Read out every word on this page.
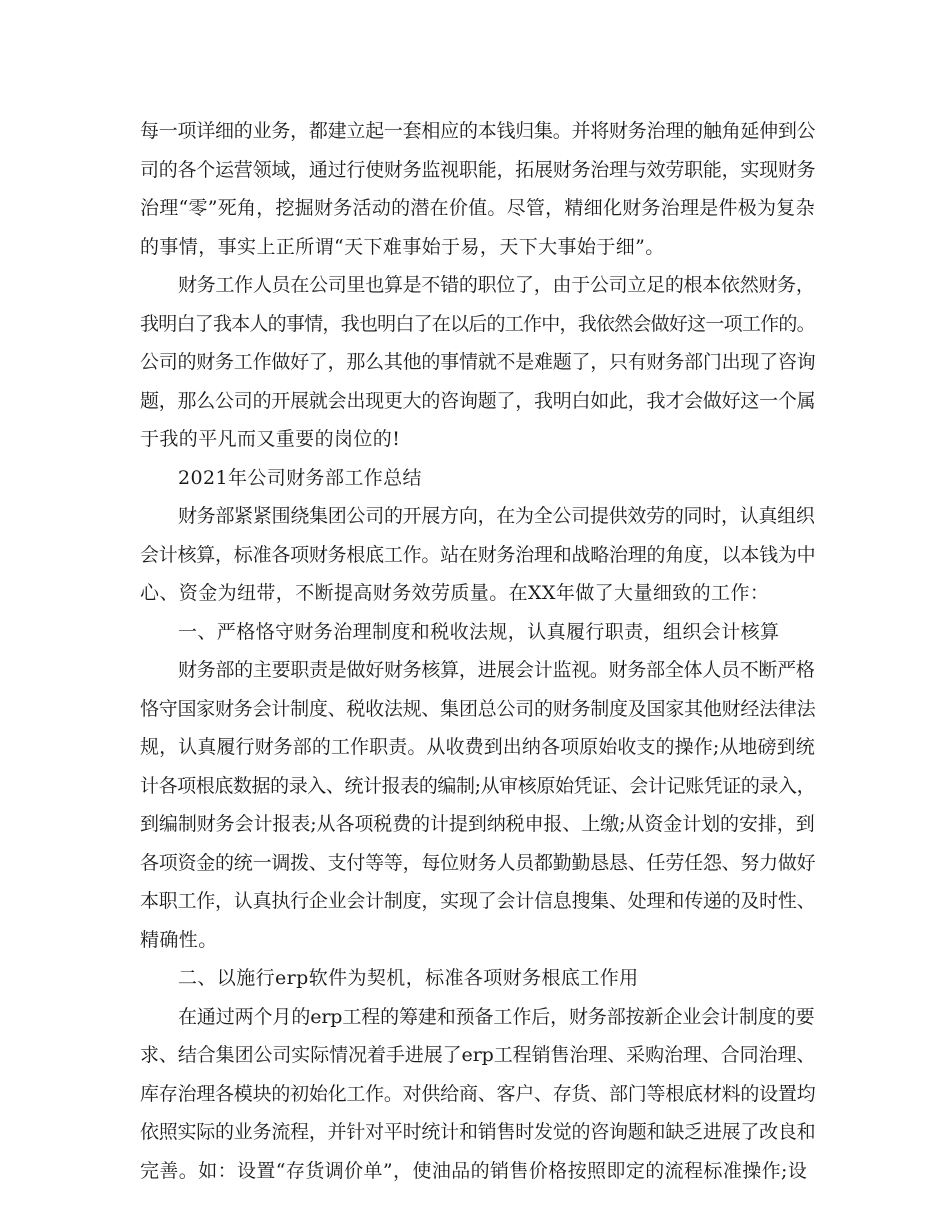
每一项详细的业务，都建立起一套相应的本钱归集。并将财务治理的触角延伸到公
司的各个运营领域，通过行使财务监视职能，拓展财务治理与效劳职能，实现财务
治理“零”死角，挖掘财务活动的潜在价值。尽管，精细化财务治理是件极为复杂
的事情，事实上正所谓“天下难事始于易，天下大事始于细”。
财务工作人员在公司里也算是不错的职位了，由于公司立足的根本依然财务，
我明白了我本人的事情，我也明白了在以后的工作中，我依然会做好这一项工作的。
公司的财务工作做好了，那么其他的事情就不是难题了，只有财务部门出现了咨询
题，那么公司的开展就会出现更大的咨询题了，我明白如此，我才会做好这一个属
于我的平凡而又重要的岗位的!
2021年公司财务部工作总结
财务部紧紧围绕集团公司的开展方向，在为全公司提供效劳的同时，认真组织
会计核算，标准各项财务根底工作。站在财务治理和战略治理的角度，以本钱为中
心、资金为纽带，不断提高财务效劳质量。在XX年做了大量细致的工作：
一、严格恪守财务治理制度和税收法规，认真履行职责，组织会计核算
财务部的主要职责是做好财务核算，进展会计监视。财务部全体人员不断严格
恪守国家财务会计制度、税收法规、集团总公司的财务制度及国家其他财经法律法
规，认真履行财务部的工作职责。从收费到出纳各项原始收支的操作;从地磅到统
计各项根底数据的录入、统计报表的编制;从审核原始凭证、会计记账凭证的录入，
到编制财务会计报表;从各项税费的计提到纳税申报、上缴;从资金计划的安排，到
各项资金的统一调拨、支付等等，每位财务人员都勤勤恳恳、任劳任怨、努力做好
本职工作，认真执行企业会计制度，实现了会计信息搜集、处理和传递的及时性、
精确性。
二、以施行erp软件为契机，标准各项财务根底工作用
在通过两个月的erp工程的筹建和预备工作后，财务部按新企业会计制度的要
求、结合集团公司实际情况着手进展了erp工程销售治理、采购治理、合同治理、
库存治理各模块的初始化工作。对供给商、客户、存货、部门等根底材料的设置均
依照实际的业务流程，并针对平时统计和销售时发觉的咨询题和缺乏进展了改良和
完善。如：设置“存货调价单”，使油品的销售价格按照即定的流程标准操作;设
